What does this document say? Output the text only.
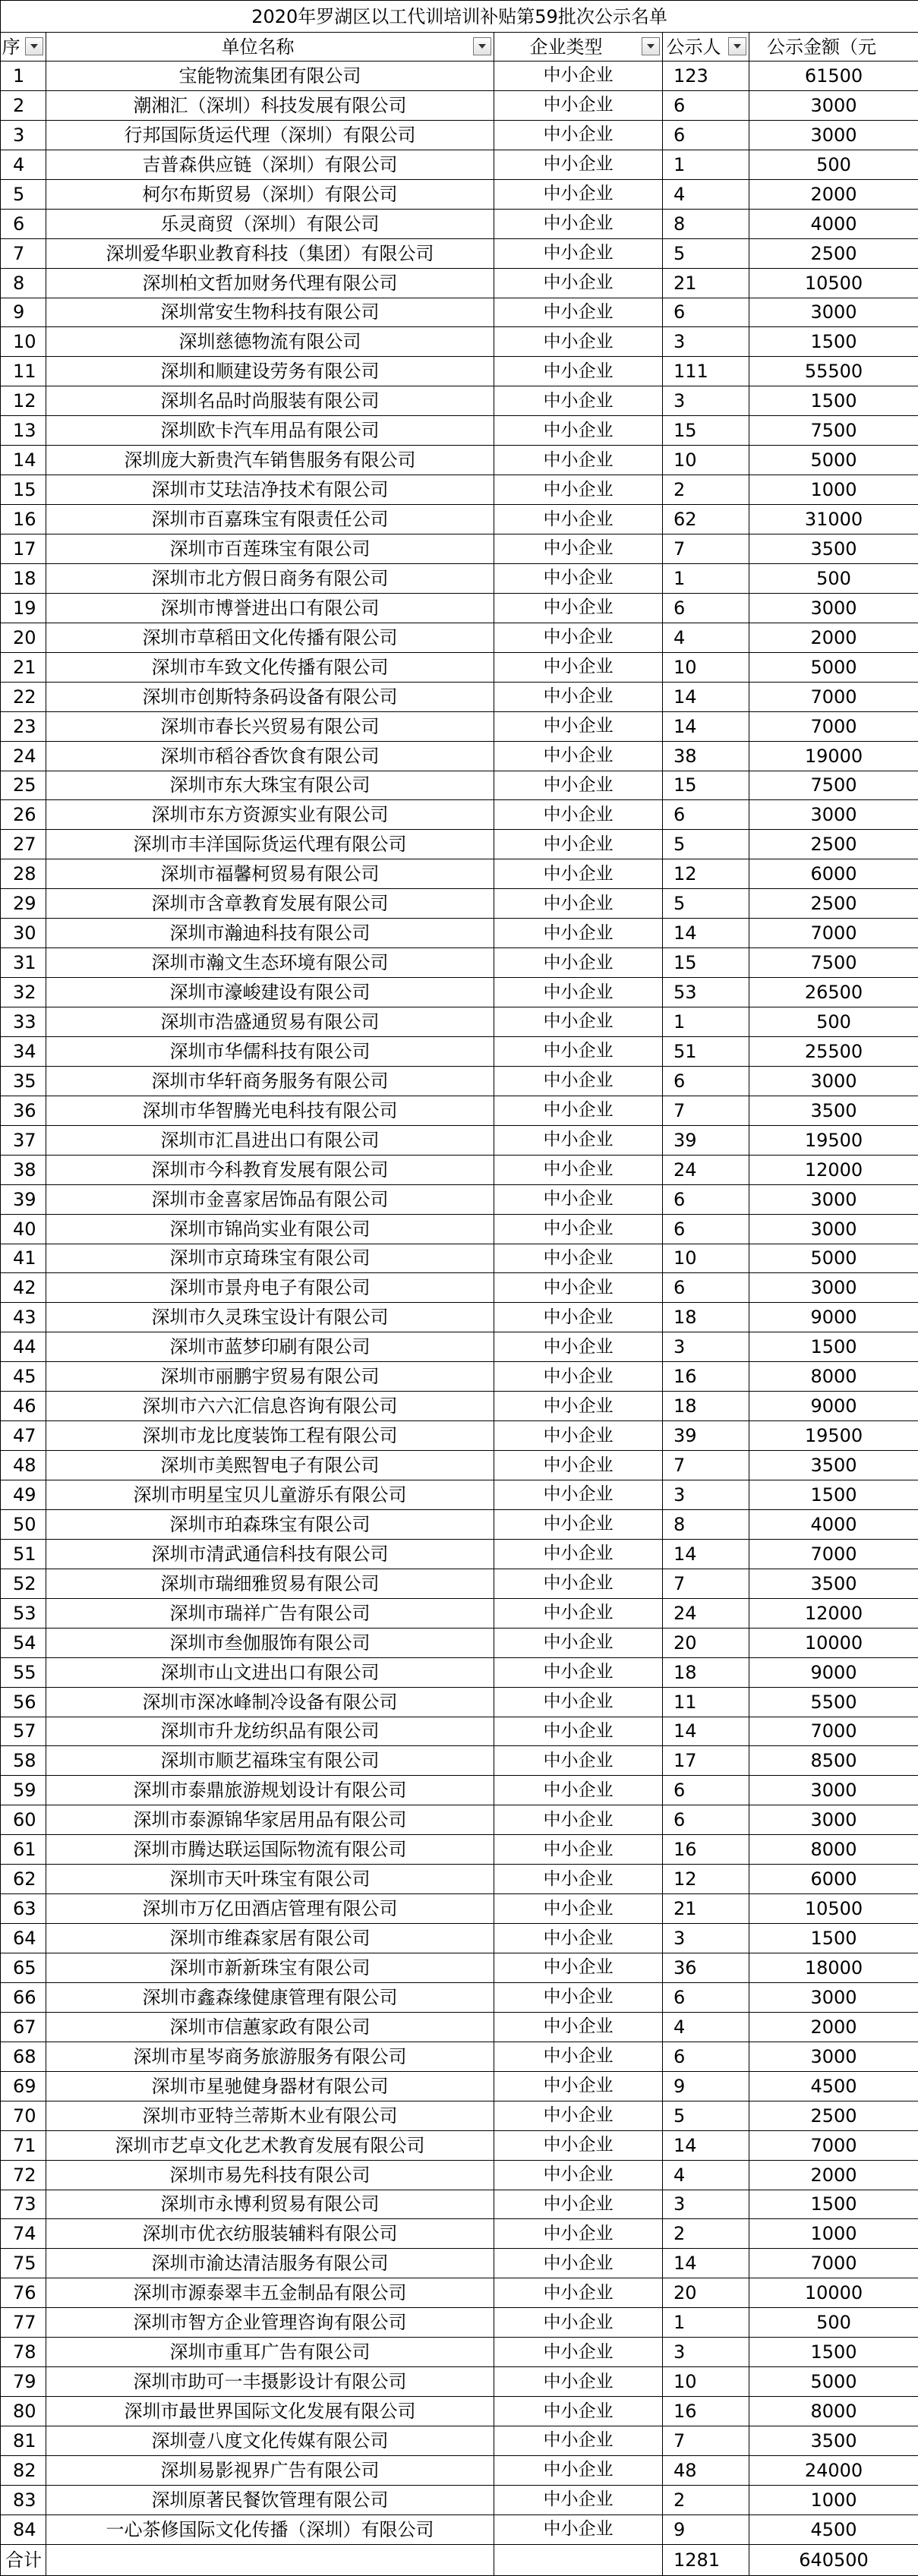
2020年罗湖区以工代训培训补贴第59批次公示名单				

序	单位名称	企业类型	公示人	公示金额（元

1	宝能物流集团有限公司	中小企业	123	61500
2	潮湘汇（深圳）科技发展有限公司	中小企业	6	3000
3	行邦国际货运代理（深圳）有限公司	中小企业	6	3000
4	吉普森供应链（深圳）有限公司	中小企业	1	500
5	柯尔布斯贸易（深圳）有限公司	中小企业	4	2000
6	乐灵商贸（深圳）有限公司	中小企业	8	4000
7	深圳爱华职业教育科技（集团）有限公司	中小企业	5	2500
8	深圳柏文哲加财务代理有限公司	中小企业	21	10500
9	深圳常安生物科技有限公司	中小企业	6	3000
10	深圳慈德物流有限公司	中小企业	3	1500
11	深圳和顺建设劳务有限公司	中小企业	111	55500
12	深圳名品时尚服装有限公司	中小企业	3	1500
13	深圳欧卡汽车用品有限公司	中小企业	15	7500
14	深圳庞大新贵汽车销售服务有限公司	中小企业	10	5000
15	深圳市艾珐洁净技术有限公司	中小企业	2	1000
16	深圳市百嘉珠宝有限责任公司	中小企业	62	31000
17	深圳市百莲珠宝有限公司	中小企业	7	3500
18	深圳市北方假日商务有限公司	中小企业	1	500
19	深圳市博誉进出口有限公司	中小企业	6	3000
20	深圳市草稻田文化传播有限公司	中小企业	4	2000
21	深圳市车致文化传播有限公司	中小企业	10	5000
22	深圳市创斯特条码设备有限公司	中小企业	14	7000
23	深圳市春长兴贸易有限公司	中小企业	14	7000
24	深圳市稻谷香饮食有限公司	中小企业	38	19000
25	深圳市东大珠宝有限公司	中小企业	15	7500
26	深圳市东方资源实业有限公司	中小企业	6	3000
27	深圳市丰洋国际货运代理有限公司	中小企业	5	2500
28	深圳市福馨柯贸易有限公司	中小企业	12	6000
29	深圳市含章教育发展有限公司	中小企业	5	2500
30	深圳市瀚迪科技有限公司	中小企业	14	7000
31	深圳市瀚文生态环境有限公司	中小企业	15	7500
32	深圳市濠峻建设有限公司	中小企业	53	26500
33	深圳市浩盛通贸易有限公司	中小企业	1	500
34	深圳市华儒科技有限公司	中小企业	51	25500
35	深圳市华轩商务服务有限公司	中小企业	6	3000
36	深圳市华智腾光电科技有限公司	中小企业	7	3500
37	深圳市汇昌进出口有限公司	中小企业	39	19500
38	深圳市今科教育发展有限公司	中小企业	24	12000
39	深圳市金喜家居饰品有限公司	中小企业	6	3000
40	深圳市锦尚实业有限公司	中小企业	6	3000
41	深圳市京琦珠宝有限公司	中小企业	10	5000
42	深圳市景舟电子有限公司	中小企业	6	3000
43	深圳市久灵珠宝设计有限公司	中小企业	18	9000
44	深圳市蓝梦印刷有限公司	中小企业	3	1500
45	深圳市丽鹏宇贸易有限公司	中小企业	16	8000
46	深圳市六六汇信息咨询有限公司	中小企业	18	9000
47	深圳市龙比度装饰工程有限公司	中小企业	39	19500
48	深圳市美熙智电子有限公司	中小企业	7	3500
49	深圳市明星宝贝儿童游乐有限公司	中小企业	3	1500
50	深圳市珀森珠宝有限公司	中小企业	8	4000
51	深圳市清武通信科技有限公司	中小企业	14	7000
52	深圳市瑞细雅贸易有限公司	中小企业	7	3500
53	深圳市瑞祥广告有限公司	中小企业	24	12000
54	深圳市叁伽服饰有限公司	中小企业	20	10000
55	深圳市山文进出口有限公司	中小企业	18	9000
56	深圳市深冰峰制冷设备有限公司	中小企业	11	5500
57	深圳市升龙纺织品有限公司	中小企业	14	7000
58	深圳市顺艺福珠宝有限公司	中小企业	17	8500
59	深圳市泰鼎旅游规划设计有限公司	中小企业	6	3000
60	深圳市泰源锦华家居用品有限公司	中小企业	6	3000
61	深圳市腾达联运国际物流有限公司	中小企业	16	8000
62	深圳市天叶珠宝有限公司	中小企业	12	6000
63	深圳市万亿田酒店管理有限公司	中小企业	21	10500
64	深圳市维森家居有限公司	中小企业	3	1500
65	深圳市新新珠宝有限公司	中小企业	36	18000
66	深圳市鑫森缘健康管理有限公司	中小企业	6	3000
67	深圳市信蕙家政有限公司	中小企业	4	2000
68	深圳市星岑商务旅游服务有限公司	中小企业	6	3000
69	深圳市星驰健身器材有限公司	中小企业	9	4500
70	深圳市亚特兰蒂斯木业有限公司	中小企业	5	2500
71	深圳市艺卓文化艺术教育发展有限公司	中小企业	14	7000
72	深圳市易先科技有限公司	中小企业	4	2000
73	深圳市永博利贸易有限公司	中小企业	3	1500
74	深圳市优衣纺服装辅料有限公司	中小企业	2	1000
75	深圳市渝达清洁服务有限公司	中小企业	14	7000
76	深圳市源泰翠丰五金制品有限公司	中小企业	20	10000
77	深圳市智方企业管理咨询有限公司	中小企业	1	500
78	深圳市重耳广告有限公司	中小企业	3	1500
79	深圳市助可一丰摄影设计有限公司	中小企业	10	5000
80	深圳市最世界国际文化发展有限公司	中小企业	16	8000
81	深圳壹八度文化传媒有限公司	中小企业	7	3500
82	深圳易影视界广告有限公司	中小企业	48	24000
83	深圳原著民餐饮管理有限公司	中小企业	2	1000
84	一心茶修国际文化传播（深圳）有限公司	中小企业	9	4500
合计			1281	640500
